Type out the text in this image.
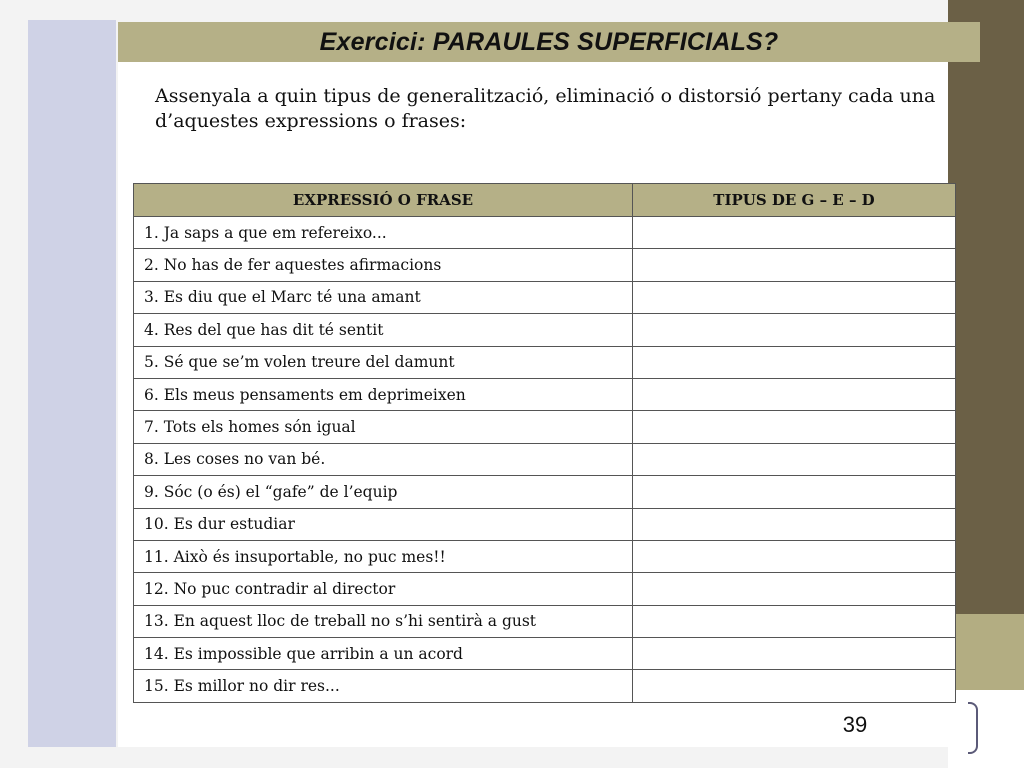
Exercici: PARAULES SUPERFICIALS?
Assenyala a quin tipus de generalització, eliminació o distorsió pertany cada una d’aquestes expressions o frases:
EXPRESSIÓ O FRASE	TIPUS DE G – E – D
1. Ja saps a que em refereixo...	
2. No has de fer aquestes afirmacions	
3. Es diu que el Marc té una amant	
4. Res del que has dit té sentit	
5. Sé que se’m volen treure del damunt	
6. Els meus pensaments em deprimeixen	
7. Tots els homes són igual	
8. Les coses no van bé.	
9. Sóc (o és) el “gafe” de l’equip	
10. Es dur estudiar	
11. Això és insuportable, no puc mes!!	
12. No puc contradir al director	
13. En aquest lloc de treball no s’hi sentirà a gust	
14. Es impossible que arribin a un acord	
15. Es millor no dir res...	
39
